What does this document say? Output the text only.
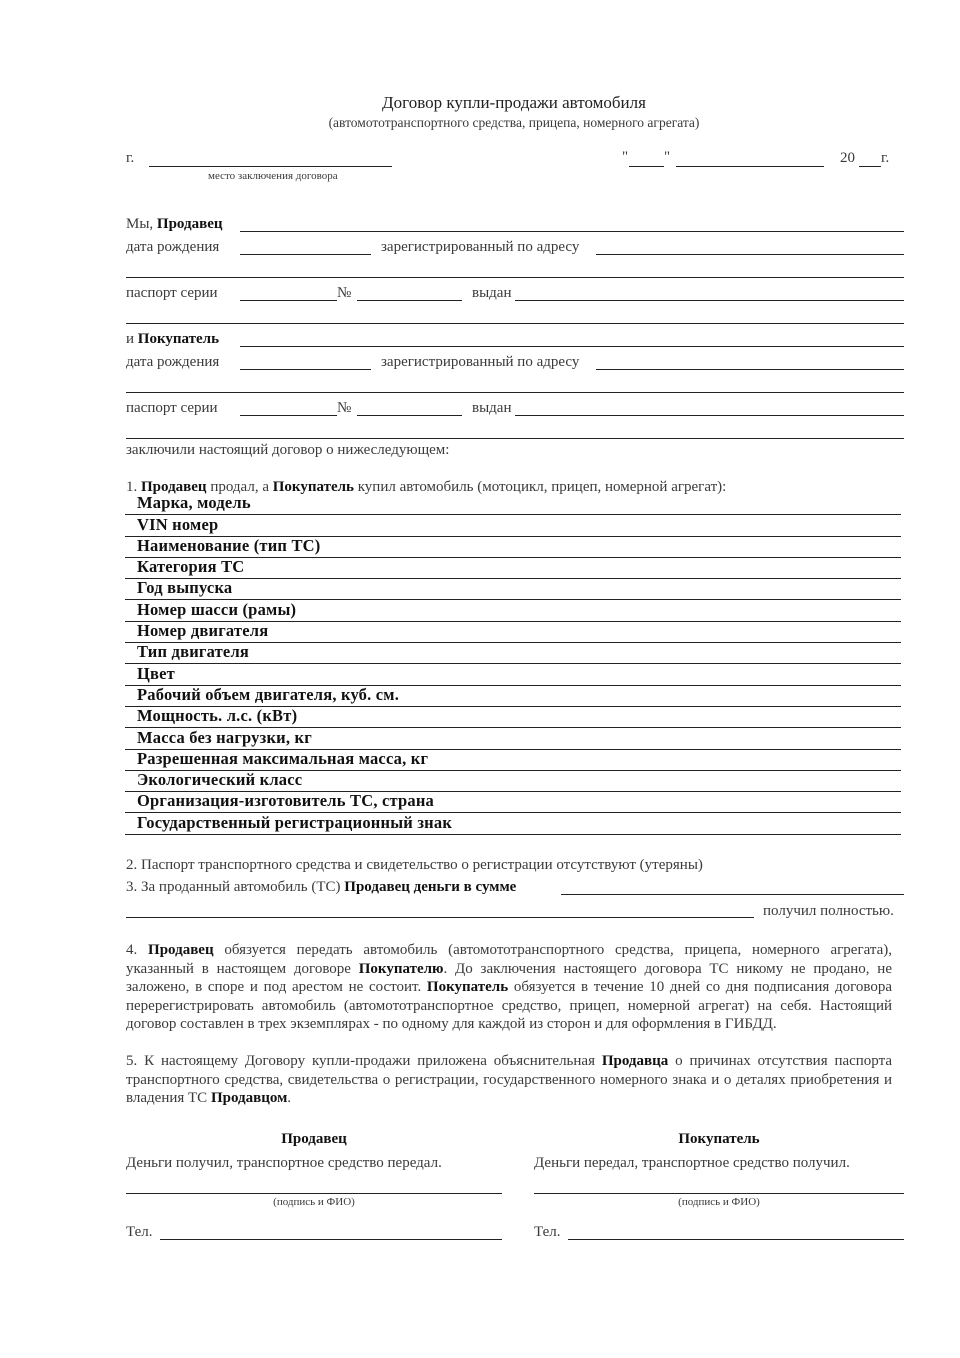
Договор купли-продажи автомобиля
(автомототранспортного средства, прицепа, номерного агрегата)
г.
место заключения договора
" "	20 г.
Мы, Продавец
дата рождения	зарегистрированный по адресу
паспорт серии	№	выдан
и Покупатель
дата рождения	зарегистрированный по адресу
паспорт серии	№	выдан
заключили настоящий договор о нижеследующем:
1. Продавец продал, а Покупатель купил автомобиль (мотоцикл, прицеп, номерной агрегат):
Марка, модель
VIN номер
Наименование (тип ТС)
Категория ТС
Год выпуска
Номер шасси (рамы)
Номер двигателя
Тип двигателя
Цвет
Рабочий объем двигателя, куб. см.
Мощность. л.с. (кВт)
Масса без нагрузки, кг
Разрешенная максимальная масса, кг
Экологический класс
Организация-изготовитель ТС, страна
Государственный регистрационный знак
2. Паспорт транспортного средства и свидетельство о регистрации отсутствуют (утеряны)
3. За проданный автомобиль (ТС) Продавец деньги в сумме
получил полностью.
4. Продавец обязуется передать автомобиль (автомототранспортного средства, прицепа, номерного агрегата), указанный в настоящем договоре Покупателю. До заключения настоящего договора ТС никому не продано, не заложено, в споре и под арестом не состоит. Покупатель обязуется в течение 10 дней со дня подписания договора перерегистрировать автомобиль (автомототранспортное средство, прицеп, номерной агрегат) на себя. Настоящий договор составлен в трех экземплярах - по одному для каждой из сторон и для оформления в ГИБДД.
5. К настоящему Договору купли-продажи приложена объяснительная Продавца о причинах отсутствия паспорта транспортного средства, свидетельства о регистрации, государственного номерного знака и о деталях приобретения и владения ТС Продавцом.
Продавец
Деньги получил, транспортное средство передал.
(подпись и ФИО)
Тел.
Покупатель
Деньги передал, транспортное средство получил.
(подпись и ФИО)
Тел.
